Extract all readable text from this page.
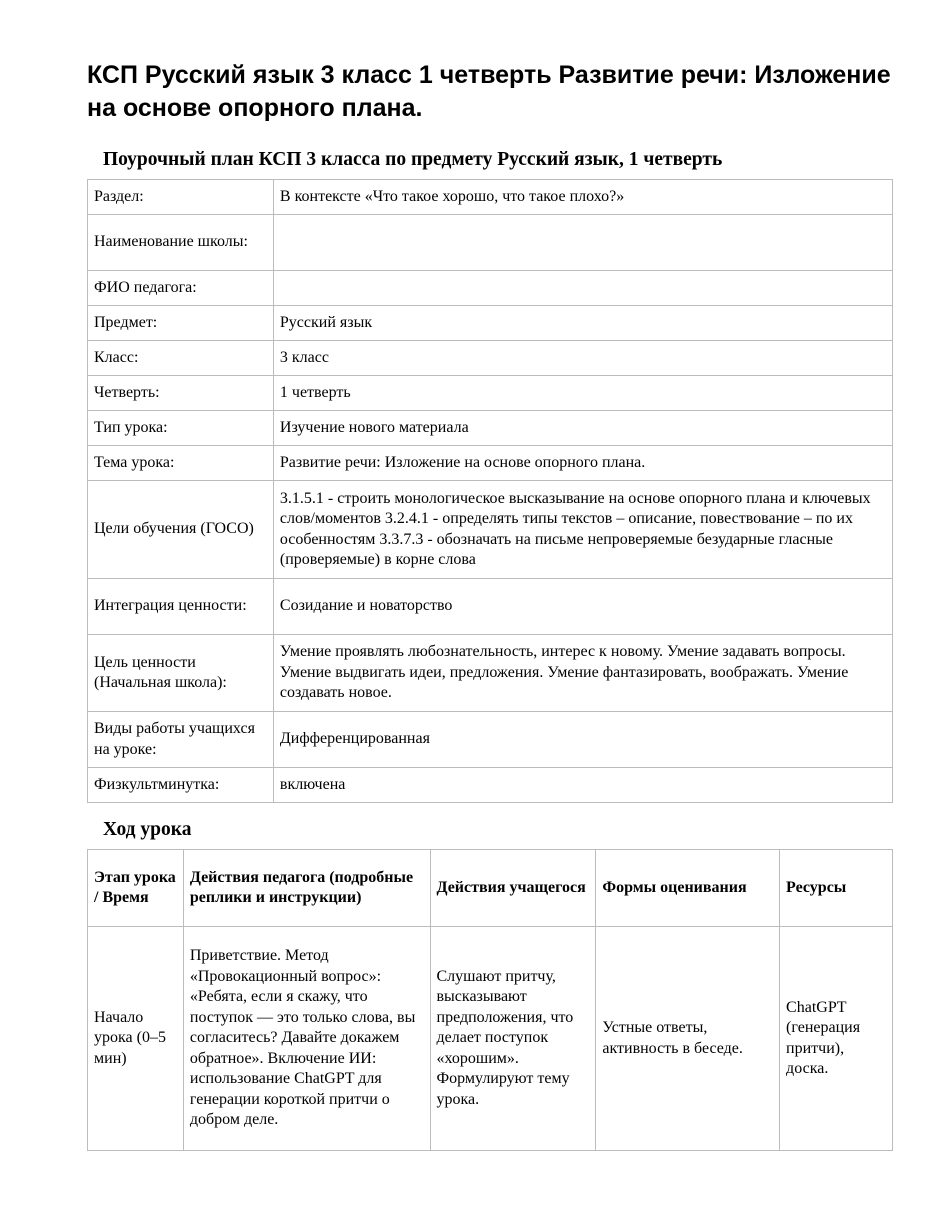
КСП Русский язык 3 класс 1 четверть Развитие речи: Изложение на основе опорного плана.
Поурочный план КСП 3 класса по предмету Русский язык, 1 четверть
Раздел:	В контексте «Что такое хорошо, что такое плохо?»
Наименование школы:	
ФИО педагога:	
Предмет:	Русский язык
Класс:	3 класс
Четверть:	1 четверть
Тип урока:	Изучение нового материала
Тема урока:	Развитие речи: Изложение на основе опорного плана.
Цели обучения (ГОСО)	3.1.5.1 - строить монологическое высказывание на основе опорного плана и ключевых слов/моментов 3.2.4.1 - определять типы текстов – описание, повествование – по их особенностям 3.3.7.3 - обозначать на письме непроверяемые безударные гласные (проверяемые) в корне слова
Интеграция ценности:	Созидание и новаторство
Цель ценности (Начальная школа):	Умение проявлять любознательность, интерес к новому. Умение задавать вопросы. Умение выдвигать идеи, предложения. Умение фантазировать, воображать. Умение создавать новое.
Виды работы учащихся на уроке:	Дифференцированная
Физкультминутка:	включена
Ход урока
Этап урока / Время	Действия педагога (подробные реплики и инструкции)	Действия учащегося	Формы оценивания	Ресурсы
Начало урока (0–5 мин)	Приветствие. Метод «Провокационный вопрос»: «Ребята, если я скажу, что поступок — это только слова, вы согласитесь? Давайте докажем обратное». Включение ИИ: использование ChatGPT для генерации короткой притчи о добром деле.	Слушают притчу, высказывают предположения, что делает поступок «хорошим». Формулируют тему урока.	Устные ответы, активность в беседе.	ChatGPT (генерация притчи), доска.
